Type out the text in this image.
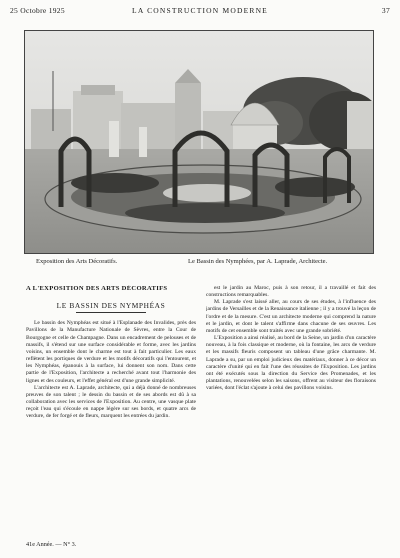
25 Octobre 1925	LA CONSTRUCTION MODERNE	37
Exposition des Arts Décoratifs.	Le Bassin des Nymphées, par A. Laprade, Architecte.
A L'EXPOSITION DES ARTS DÉCORATIFS
LE BASSIN DES NYMPHÉAS

Le bassin des Nymphéas est situé à l'Esplanade des Invalides, près des Pavillons de la Manufacture Nationale de Sèvres, entre la Cour de Bourgogne et celle de Champagne. Dans un encadrement de pelouses et de massifs, il s'étend sur une surface considérable et forme, avec les jardins voisins, un ensemble dont le charme est tout à fait particulier. Les eaux reflètent les portiques de verdure et les motifs décoratifs qui l'entourent, et les Nymphéas, épanouis à la surface, lui donnent son nom. Dans cette partie de l'Exposition, l'architecte a recherché avant tout l'harmonie des lignes et des couleurs, et l'effet général est d'une grande simplicité.

L'architecte est A. Laprade, architecte, qui a déjà donné de nombreuses preuves de son talent ; le dessin du bassin et de ses abords est dû à sa collaboration avec les services de l'Exposition. Au centre, une vasque plate reçoit l'eau qui s'écoule en nappe légère sur ses bords, et quatre arcs de verdure, de fer forgé et de fleurs, marquent les entrées du jardin.

est le jardin au Maroc, puis à son retour, il a travaillé et fait des constructions remarquables.

M. Laprade s'est laissé aller, au cours de ses études, à l'influence des jardins de Versailles et de la Renaissance italienne ; il y a trouvé la leçon de l'ordre et de la mesure. C'est un architecte moderne qui comprend la nature et le jardin, et dont le talent s'affirme dans chacune de ses œuvres. Les motifs de cet ensemble sont traités avec une grande sobriété.

L'Exposition a ainsi réalisé, au bord de la Seine, un jardin d'un caractère nouveau, à la fois classique et moderne, où la fontaine, les arcs de verdure et les massifs fleuris composent un tableau d'une grâce charmante. M. Laprade a su, par un emploi judicieux des matériaux, donner à ce décor un caractère d'unité qui en fait l'une des réussites de l'Exposition. Les jardins ont été exécutés sous la direction du Service des Promenades, et les plantations, renouvelées selon les saisons, offrent au visiteur des floraisons variées, dont l'éclat s'ajoute à celui des pavillons voisins.

41e Année. — N° 3.
